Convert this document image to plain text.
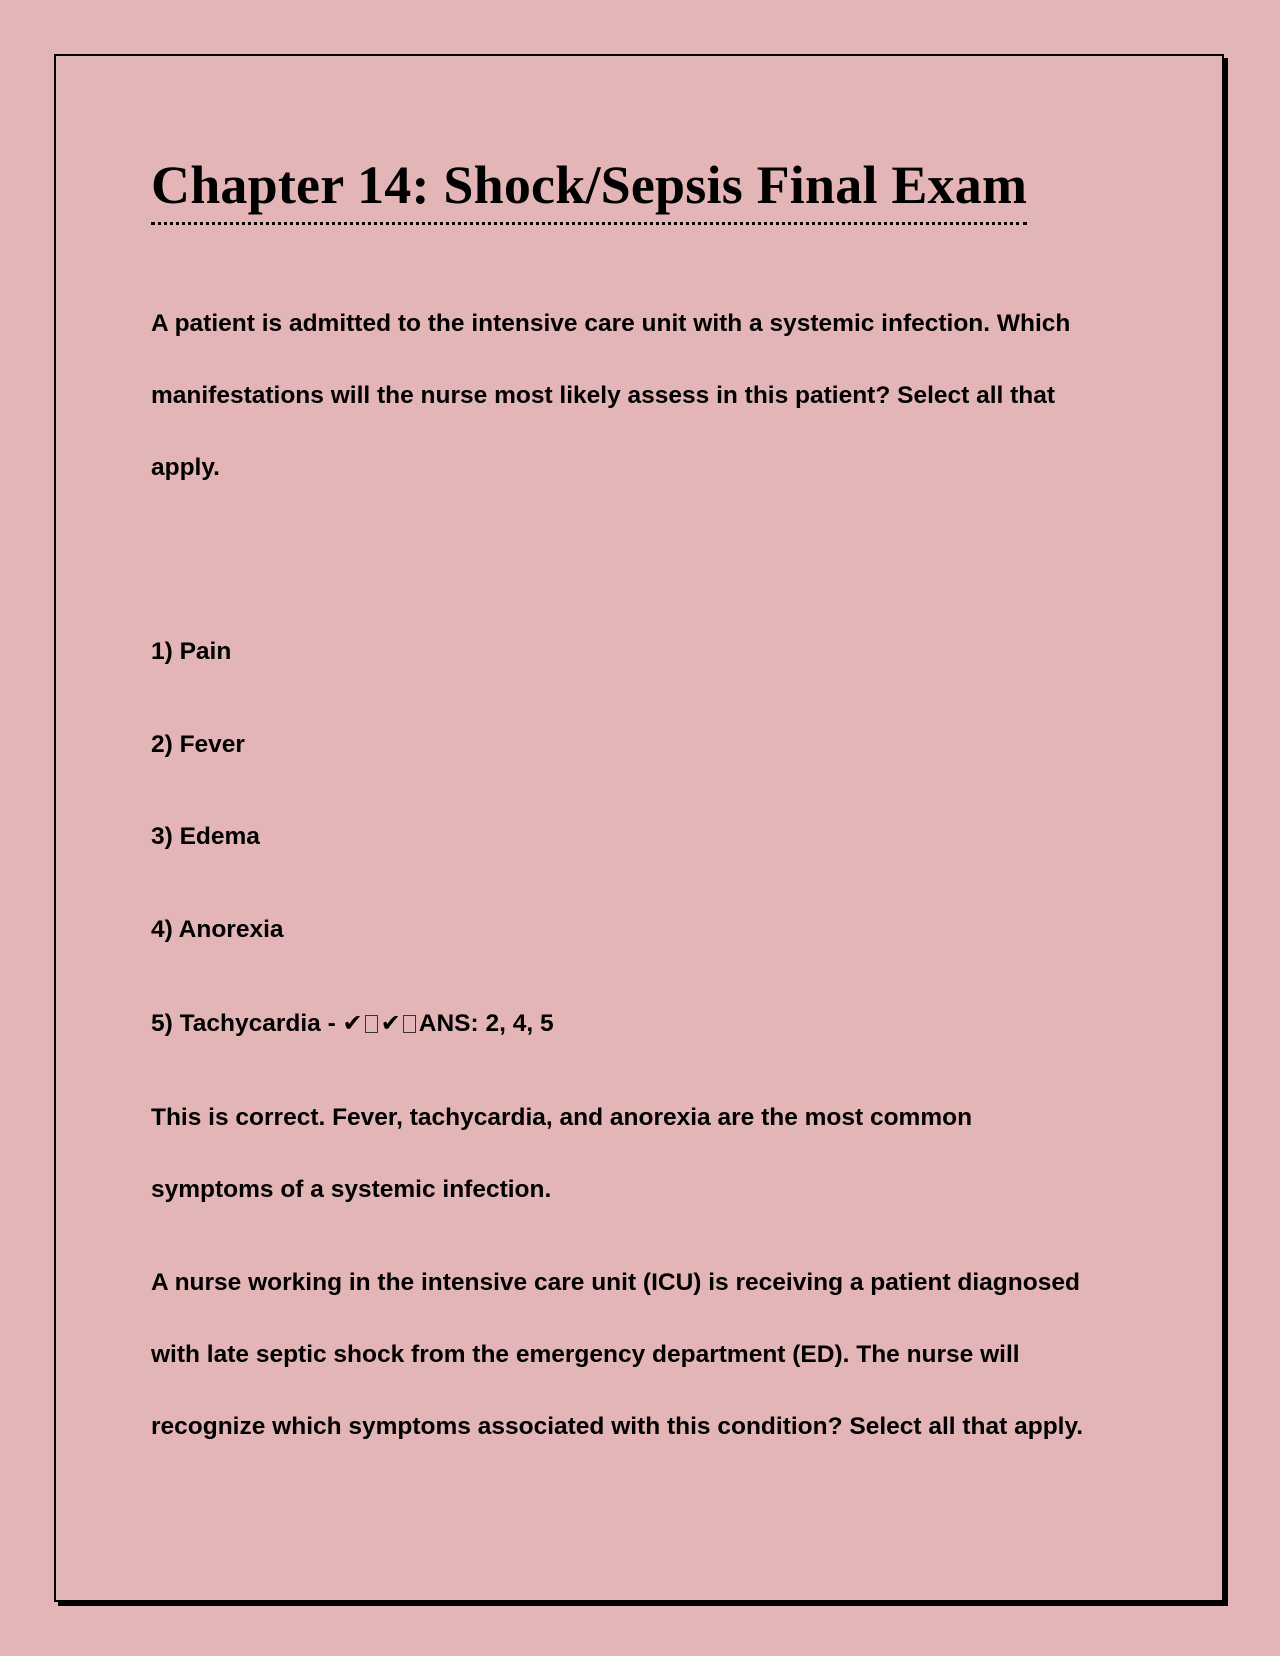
Chapter 14: Shock/Sepsis Final Exam

A patient is admitted to the intensive care unit with a systemic infection. Which
manifestations will the nurse most likely assess in this patient? Select all that
apply.

1) Pain

2) Fever

3) Edema

4) Anorexia

5) Tachycardia - ✔ ✔ ANS: 2, 4, 5

This is correct. Fever, tachycardia, and anorexia are the most common
symptoms of a systemic infection.

A nurse working in the intensive care unit (ICU) is receiving a patient diagnosed
with late septic shock from the emergency department (ED). The nurse will
recognize which symptoms associated with this condition? Select all that apply.
